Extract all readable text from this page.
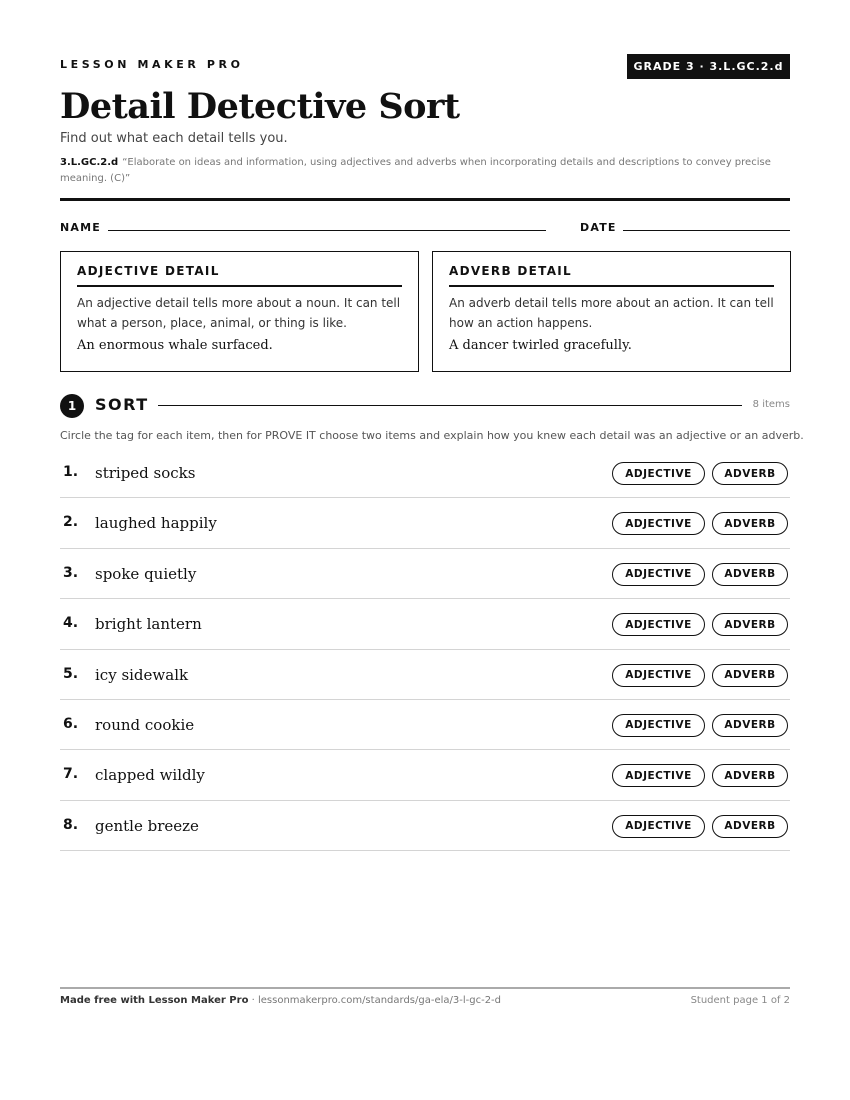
LESSON MAKER PRO	GRADE 3 · 3.L.GC.2.d
Detail Detective Sort
Find out what each detail tells you.
3.L.GC.2.d “Elaborate on ideas and information, using adjectives and adverbs when incorporating details and descriptions to convey precise meaning. (C)”
NAME	DATE
ADJECTIVE DETAIL
An adjective detail tells more about a noun. It can tell what a person, place, animal, or thing is like.
An enormous whale surfaced.
ADVERB DETAIL
An adverb detail tells more about an action. It can tell how an action happens.
A dancer twirled gracefully.
1	SORT	8 items
Circle the tag for each item, then for PROVE IT choose two items and explain how you knew each detail was an adjective or an adverb.
1. striped socks	ADJECTIVE	ADVERB
2. laughed happily	ADJECTIVE	ADVERB
3. spoke quietly	ADJECTIVE	ADVERB
4. bright lantern	ADJECTIVE	ADVERB
5. icy sidewalk	ADJECTIVE	ADVERB
6. round cookie	ADJECTIVE	ADVERB
7. clapped wildly	ADJECTIVE	ADVERB
8. gentle breeze	ADJECTIVE	ADVERB
Made free with Lesson Maker Pro · lessonmakerpro.com/standards/ga-ela/3-l-gc-2-d	Student page 1 of 2
